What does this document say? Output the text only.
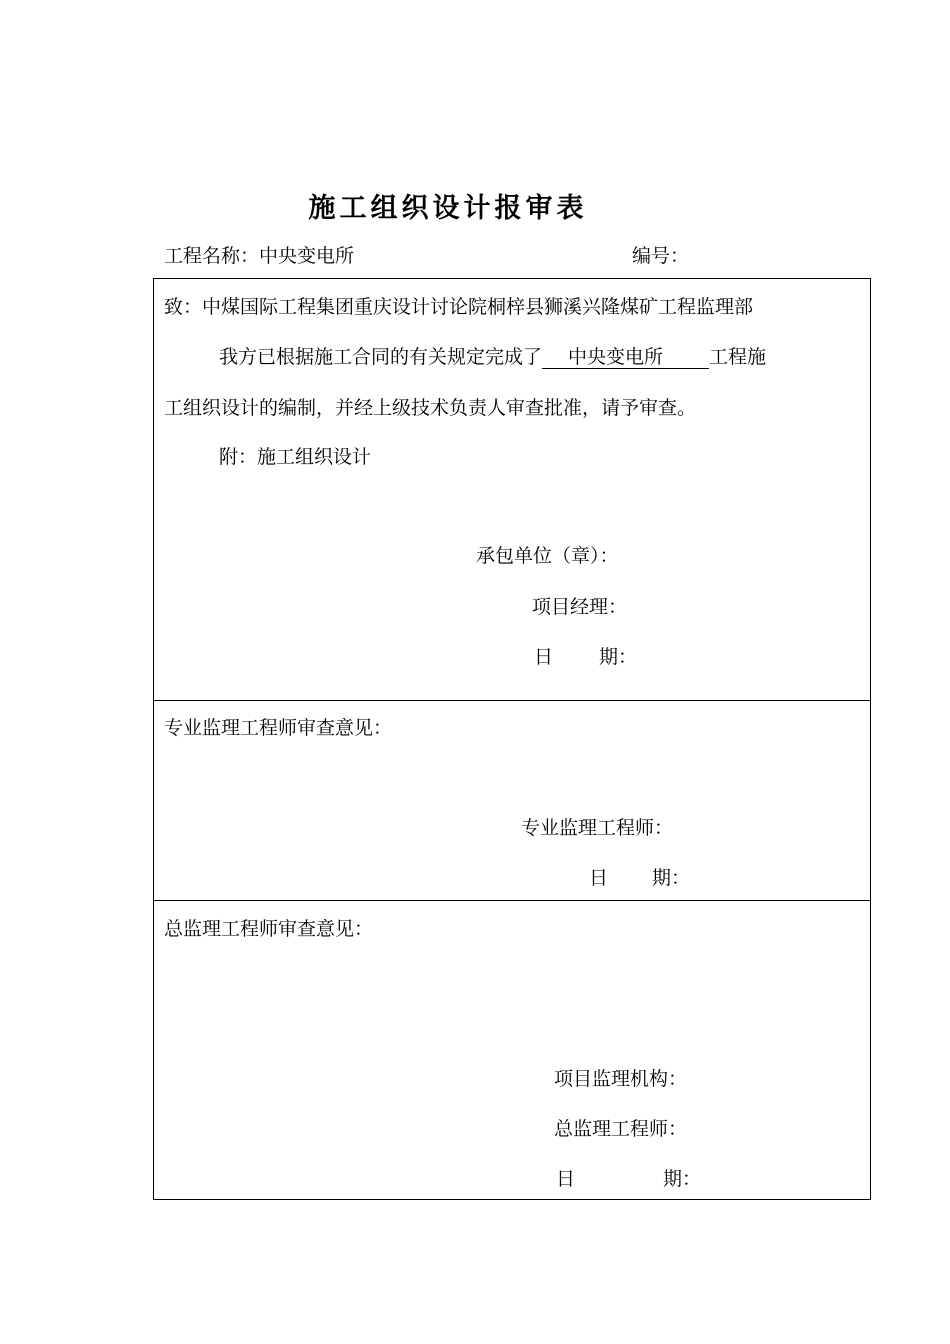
施工组织设计报审表
工程名称：中央变电所	编号：
致：中煤国际工程集团重庆设计讨论院桐梓县狮溪兴隆煤矿工程监理部
我方已根据施工合同的有关规定完成了 中央变电所 工程施
工组织设计的编制，并经上级技术负责人审查批准，请予审查。
附：施工组织设计
承包单位（章）：
项目经理：
日 期：
专业监理工程师审查意见：
专业监理工程师：
日 期：
总监理工程师审查意见：
项目监理机构：
总监理工程师：
日	期：
